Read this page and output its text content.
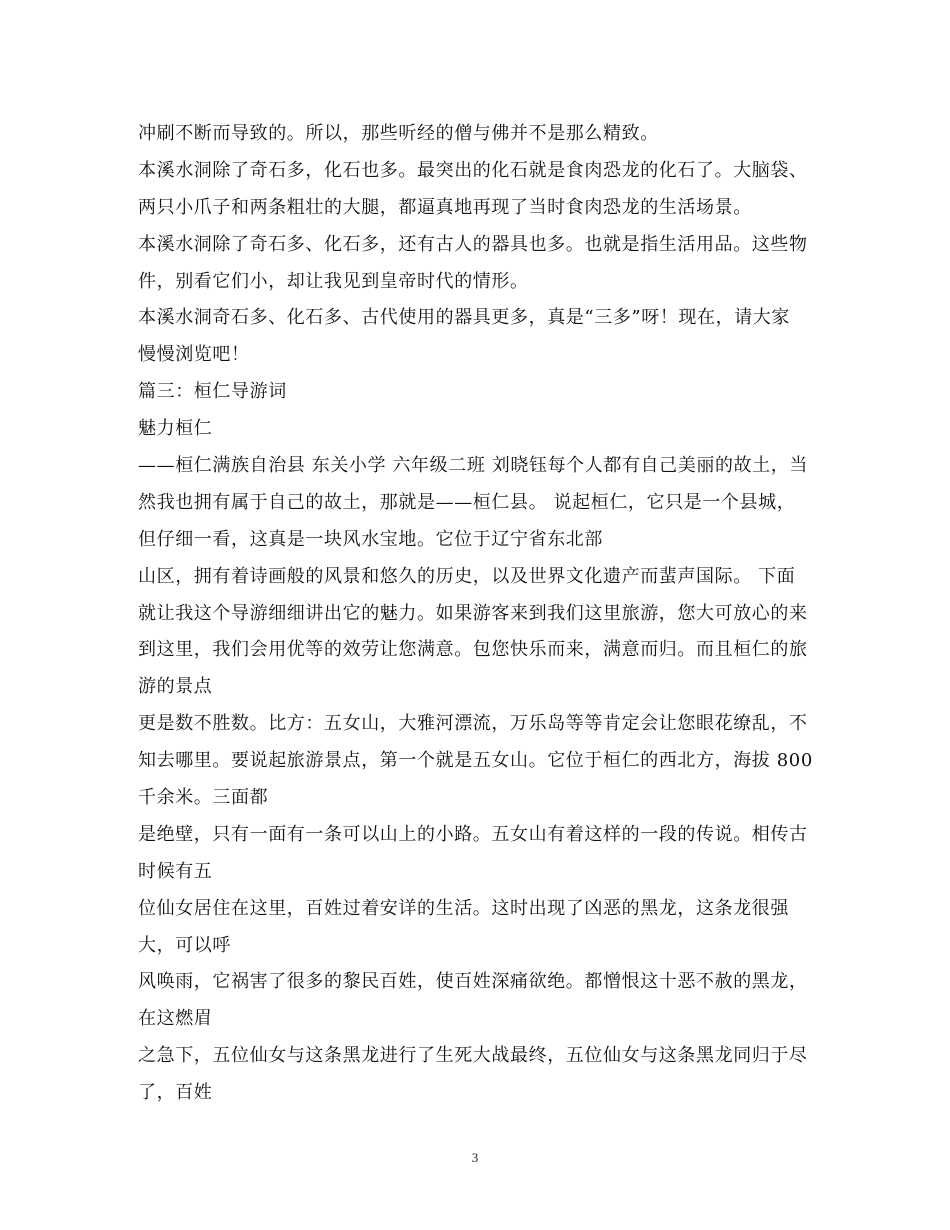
冲刷不断而导致的。所以，那些听经的僧与佛并不是那么精致。
本溪水洞除了奇石多，化石也多。最突出的化石就是食肉恐龙的化石了。大脑袋、
两只小爪子和两条粗壮的大腿，都逼真地再现了当时食肉恐龙的生活场景。
本溪水洞除了奇石多、化石多，还有古人的器具也多。也就是指生活用品。这些物
件，别看它们小，却让我见到皇帝时代的情形。
本溪水洞奇石多、化石多、古代使用的器具更多，真是“三多”呀！现在，请大家
慢慢浏览吧！
篇三：桓仁导游词
魅力桓仁
——桓仁满族自治县 东关小学 六年级二班 刘晓钰每个人都有自己美丽的故土，当
然我也拥有属于自己的故土，那就是——桓仁县。 说起桓仁，它只是一个县城，
但仔细一看，这真是一块风水宝地。它位于辽宁省东北部
山区，拥有着诗画般的风景和悠久的历史，以及世界文化遗产而蜚声国际。 下面
就让我这个导游细细讲出它的魅力。如果游客来到我们这里旅游，您大可放心的来
到这里，我们会用优等的效劳让您满意。包您快乐而来，满意而归。而且桓仁的旅
游的景点
更是数不胜数。比方：五女山，大雅河漂流，万乐岛等等肯定会让您眼花缭乱，不
知去哪里。要说起旅游景点，第一个就是五女山。它位于桓仁的西北方，海拔 800
千余米。三面都
是绝壁，只有一面有一条可以山上的小路。五女山有着这样的一段的传说。相传古
时候有五
位仙女居住在这里，百姓过着安详的生活。这时出现了凶恶的黑龙，这条龙很强
大，可以呼
风唤雨，它祸害了很多的黎民百姓，使百姓深痛欲绝。都憎恨这十恶不赦的黑龙，
在这燃眉
之急下，五位仙女与这条黑龙进行了生死大战最终，五位仙女与这条黑龙同归于尽
了，百姓
3
